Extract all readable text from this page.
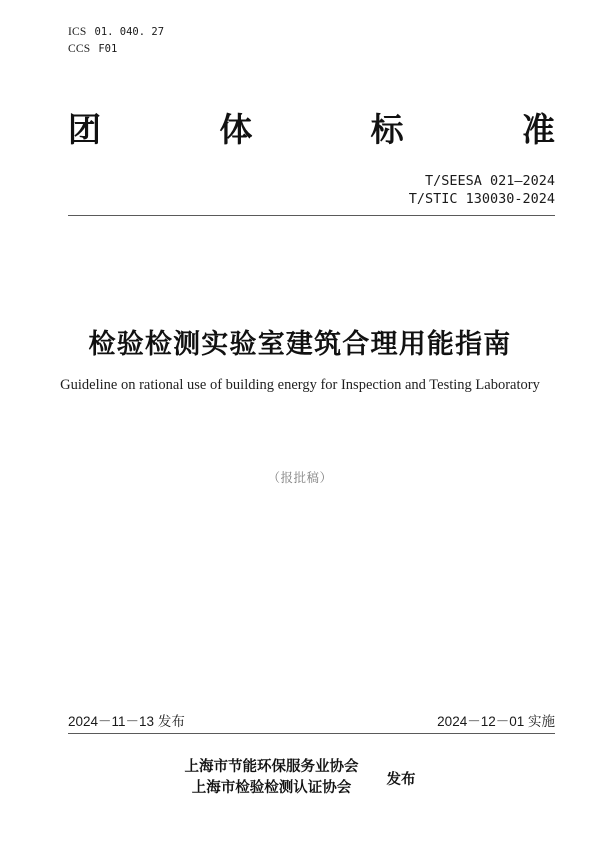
ICS 01. 040. 27
CCS F01
团	体	标	准
T/SEESA 021—2024
T/STIC 130030-2024
检验检测实验室建筑合理用能指南
Guideline on rational use of building energy for Inspection and Testing Laboratory
（报批稿）
2024－11－13 发布	2024－12－01 实施
上海市节能环保服务业协会
上海市检验检测认证协会
发布
